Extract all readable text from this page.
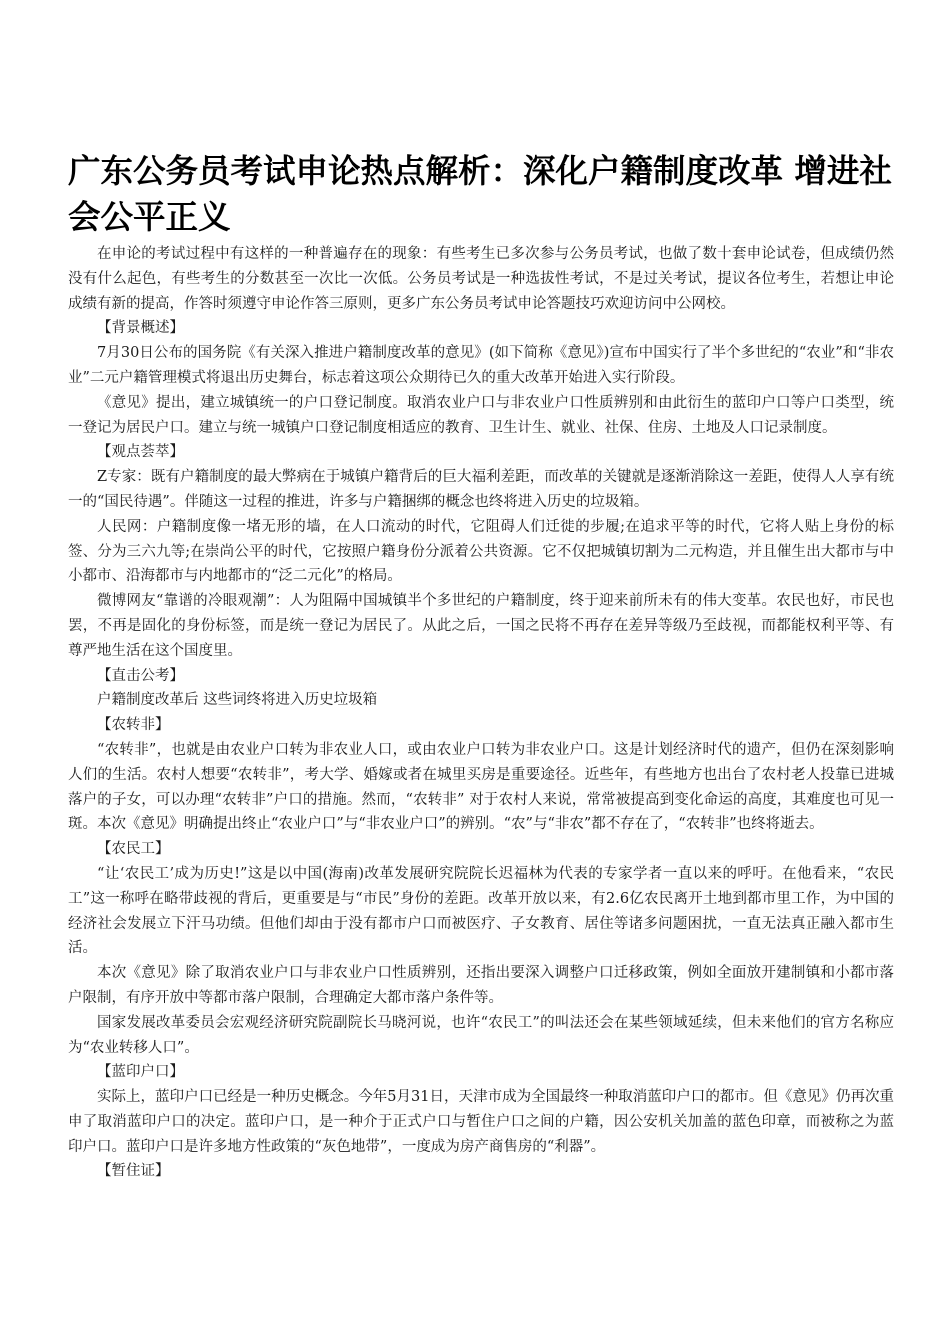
广东公务员考试申论热点解析：深化户籍制度改革 增进社会公平正义

在申论的考试过程中有这样的一种普遍存在的现象：有些考生已多次参与公务员考试，也做了数十套申论试卷，但成绩仍然没有什么起色，有些考生的分数甚至一次比一次低。公务员考试是一种选拔性考试，不是过关考试，提议各位考生，若想让申论成绩有新的提高，作答时须遵守申论作答三原则，更多广东公务员考试申论答题技巧欢迎访问中公网校。

【背景概述】

7月30日公布的国务院《有关深入推进户籍制度改革的意见》(如下简称《意见》)宣布中国实行了半个多世纪的“农业”和“非农业”二元户籍管理模式将退出历史舞台，标志着这项公众期待已久的重大改革开始进入实行阶段。

《意见》提出，建立城镇统一的户口登记制度。取消农业户口与非农业户口性质辨别和由此衍生的蓝印户口等户口类型，统一登记为居民户口。建立与统一城镇户口登记制度相适应的教育、卫生计生、就业、社保、住房、土地及人口记录制度。

【观点荟萃】

Z专家：既有户籍制度的最大弊病在于城镇户籍背后的巨大福利差距，而改革的关键就是逐渐消除这一差距，使得人人享有统一的“国民待遇”。伴随这一过程的推进，许多与户籍捆绑的概念也终将进入历史的垃圾箱。

人民网：户籍制度像一堵无形的墙，在人口流动的时代，它阻碍人们迁徙的步履;在追求平等的时代，它将人贴上身份的标签、分为三六九等;在崇尚公平的时代，它按照户籍身份分派着公共资源。它不仅把城镇切割为二元构造，并且催生出大都市与中小都市、沿海都市与内地都市的“泛二元化”的格局。

微博网友“靠谱的冷眼观潮”：人为阻隔中国城镇半个多世纪的户籍制度，终于迎来前所未有的伟大变革。农民也好，市民也罢，不再是固化的身份标签，而是统一登记为居民了。从此之后，一国之民将不再存在差异等级乃至歧视，而都能权利平等、有尊严地生活在这个国度里。

【直击公考】

户籍制度改革后 这些词终将进入历史垃圾箱

【农转非】

“农转非”，也就是由农业户口转为非农业人口，或由农业户口转为非农业户口。这是计划经济时代的遗产，但仍在深刻影响人们的生活。农村人想要“农转非”，考大学、婚嫁或者在城里买房是重要途径。近些年，有些地方也出台了农村老人投靠已进城落户的子女，可以办理“农转非”户口的措施。然而，“农转非” 对于农村人来说，常常被提高到变化命运的高度，其难度也可见一斑。本次《意见》明确提出终止“农业户口”与“非农业户口”的辨别。“农”与“非农”都不存在了，“农转非”也终将逝去。

【农民工】

“让‘农民工’成为历史!”这是以中国(海南)改革发展研究院院长迟福林为代表的专家学者一直以来的呼吁。在他看来，“农民工”这一称呼在略带歧视的背后，更重要是与“市民”身份的差距。改革开放以来，有2.6亿农民离开土地到都市里工作，为中国的经济社会发展立下汗马功绩。但他们却由于没有都市户口而被医疗、子女教育、居住等诸多问题困扰，一直无法真正融入都市生活。

本次《意见》除了取消农业户口与非农业户口性质辨别，还指出要深入调整户口迁移政策，例如全面放开建制镇和小都市落户限制，有序开放中等都市落户限制，合理确定大都市落户条件等。

国家发展改革委员会宏观经济研究院副院长马晓河说，也许“农民工”的叫法还会在某些领域延续，但未来他们的官方名称应为“农业转移人口”。

【蓝印户口】

实际上，蓝印户口已经是一种历史概念。今年5月31日，天津市成为全国最终一种取消蓝印户口的都市。但《意见》仍再次重申了取消蓝印户口的决定。蓝印户口，是一种介于正式户口与暂住户口之间的户籍，因公安机关加盖的蓝色印章，而被称之为蓝印户口。蓝印户口是许多地方性政策的“灰色地带”，一度成为房产商售房的“利器”。

【暂住证】
